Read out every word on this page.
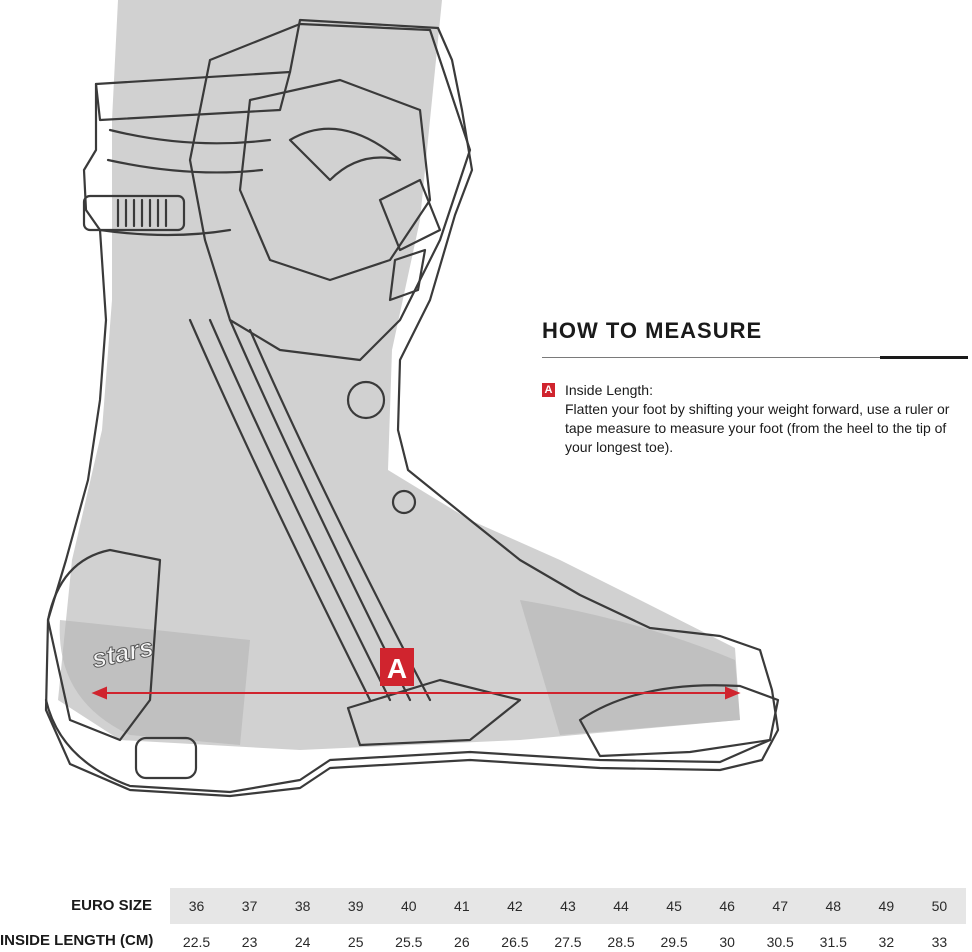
stars	A
HOW TO MEASURE
A Inside Length:
Flatten your foot by shifting your weight forward, use a ruler or tape measure to measure your foot (from the heel to the tip of your longest toe).
EURO SIZE	36	37	38	39	40	41	42	43	44	45	46	47	48	49	50
INSIDE LENGTH (CM)	22.5	23	24	25	25.5	26	26.5	27.5	28.5	29.5	30	30.5	31.5	32	33
